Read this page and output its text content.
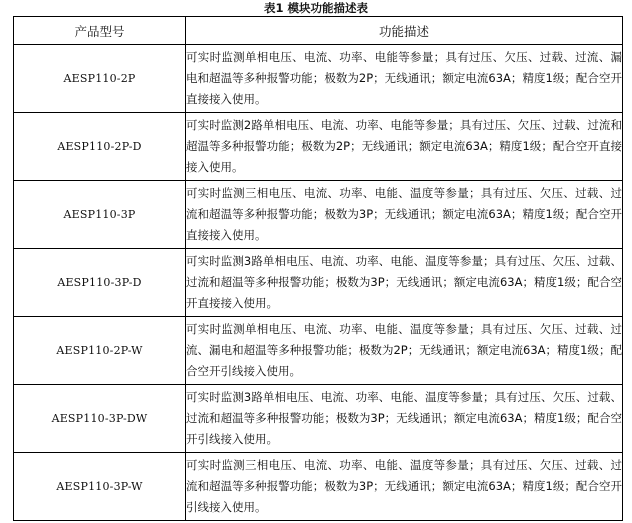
表1 模块功能描述表
产品型号	功能描述
AESP110-2P	可实时监测单相电压、电流、功率、电能等参量；具有过压、欠压、过载、过流、漏电和超温等多种报警功能；极数为2P；无线通讯；额定电流63A；精度1级；配合空开直接接入使用。
AESP110-2P-D	可实时监测2路单相电压、电流、功率、电能等参量；具有过压、欠压、过载、过流和超温等多种报警功能；极数为2P；无线通讯；额定电流63A；精度1级；配合空开直接接入使用。
AESP110-3P	可实时监测三相电压、电流、功率、电能、温度等参量；具有过压、欠压、过载、过流和超温等多种报警功能；极数为3P；无线通讯；额定电流63A；精度1级；配合空开直接接入使用。
AESP110-3P-D	可实时监测3路单相电压、电流、功率、电能、温度等参量；具有过压、欠压、过载、过流和超温等多种报警功能；极数为3P；无线通讯；额定电流63A；精度1级；配合空开直接接入使用。
AESP110-2P-W	可实时监测单相电压、电流、功率、电能、温度等参量；具有过压、欠压、过载、过流、漏电和超温等多种报警功能；极数为2P；无线通讯；额定电流63A；精度1级；配合空开引线接入使用。
AESP110-3P-DW	可实时监测3路单相电压、电流、功率、电能、温度等参量；具有过压、欠压、过载、过流和超温等多种报警功能；极数为3P；无线通讯；额定电流63A；精度1级；配合空开引线接入使用。
AESP110-3P-W	可实时监测三相电压、电流、功率、电能、温度等参量；具有过压、欠压、过载、过流和超温等多种报警功能；极数为3P；无线通讯；额定电流63A；精度1级；配合空开引线接入使用。
